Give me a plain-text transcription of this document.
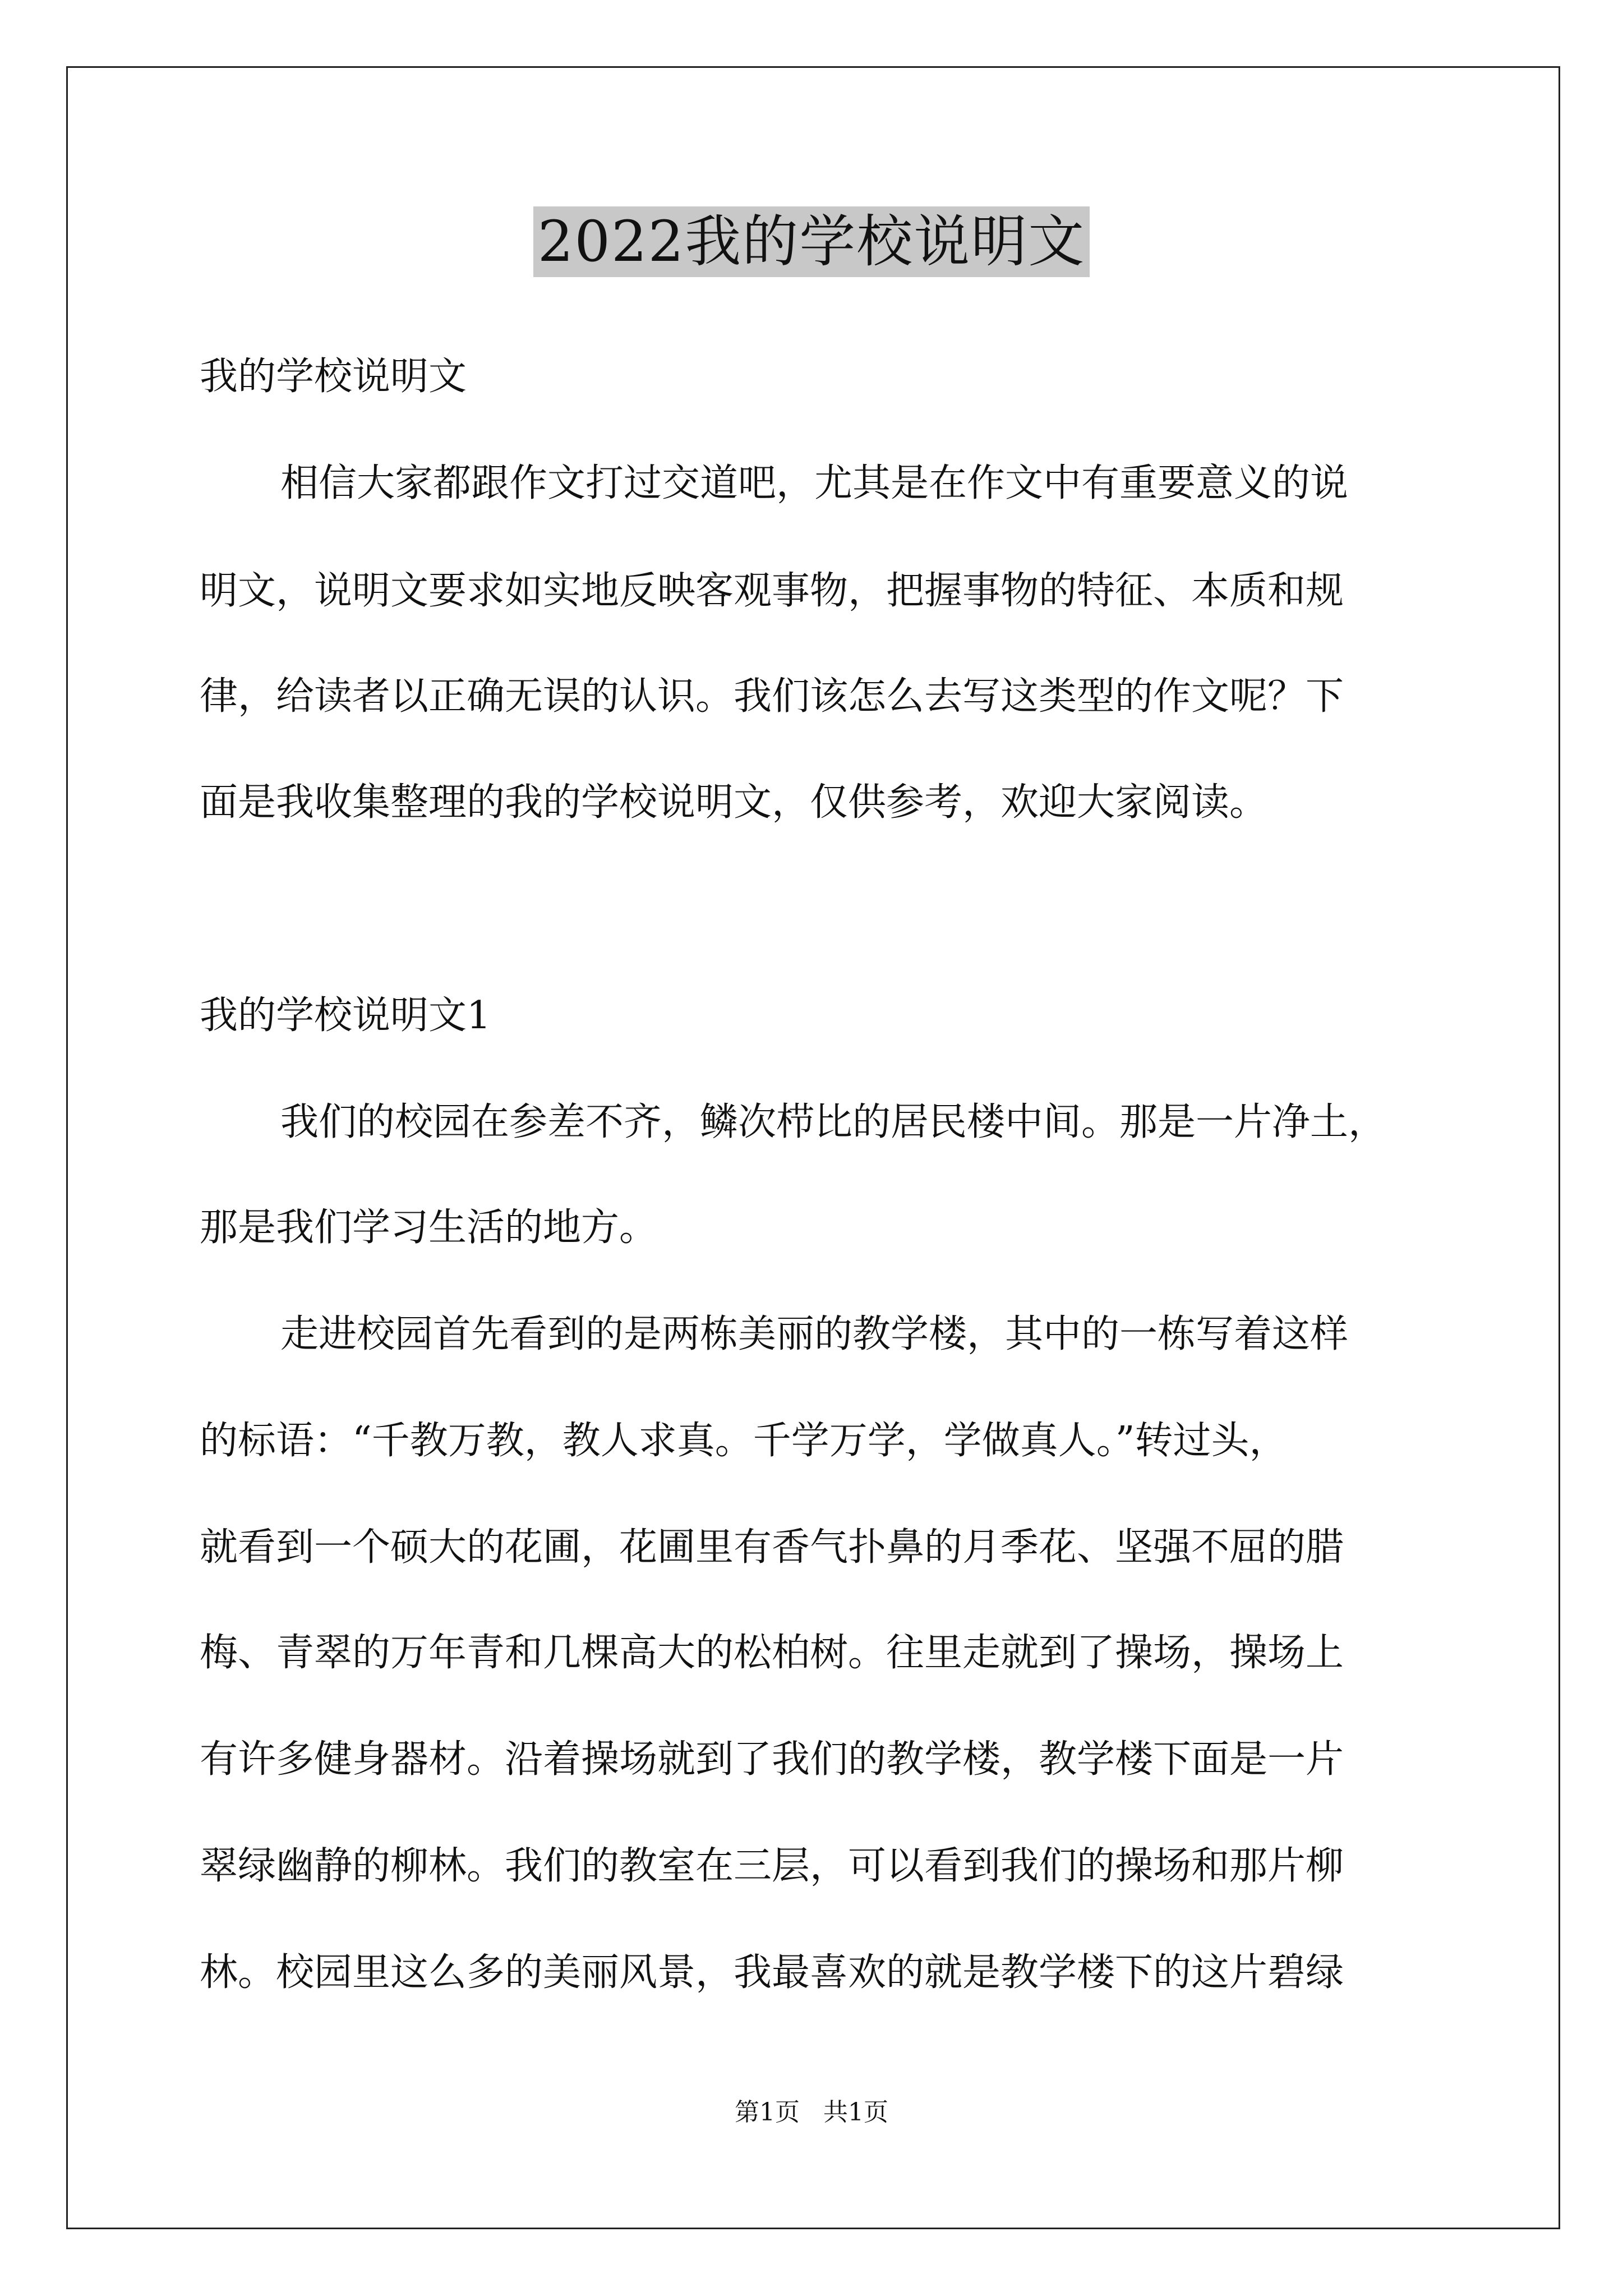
2022我的学校说明文
我的学校说明文
相信大家都跟作文打过交道吧，尤其是在作文中有重要意义的说
明文，说明文要求如实地反映客观事物，把握事物的特征、本质和规
律，给读者以正确无误的认识。我们该怎么去写这类型的作文呢？下
面是我收集整理的我的学校说明文，仅供参考，欢迎大家阅读。
我的学校说明文1
我们的校园在参差不齐，鳞次栉比的居民楼中间。那是一片净土，
那是我们学习生活的地方。
走进校园首先看到的是两栋美丽的教学楼，其中的一栋写着这样
的标语：“千教万教，教人求真。千学万学，学做真人。”转过头，
就看到一个硕大的花圃，花圃里有香气扑鼻的月季花、坚强不屈的腊
梅、青翠的万年青和几棵高大的松柏树。往里走就到了操场，操场上
有许多健身器材。沿着操场就到了我们的教学楼，教学楼下面是一片
翠绿幽静的柳林。我们的教室在三层，可以看到我们的操场和那片柳
林。校园里这么多的美丽风景，我最喜欢的就是教学楼下的这片碧绿
第1页 共1页
